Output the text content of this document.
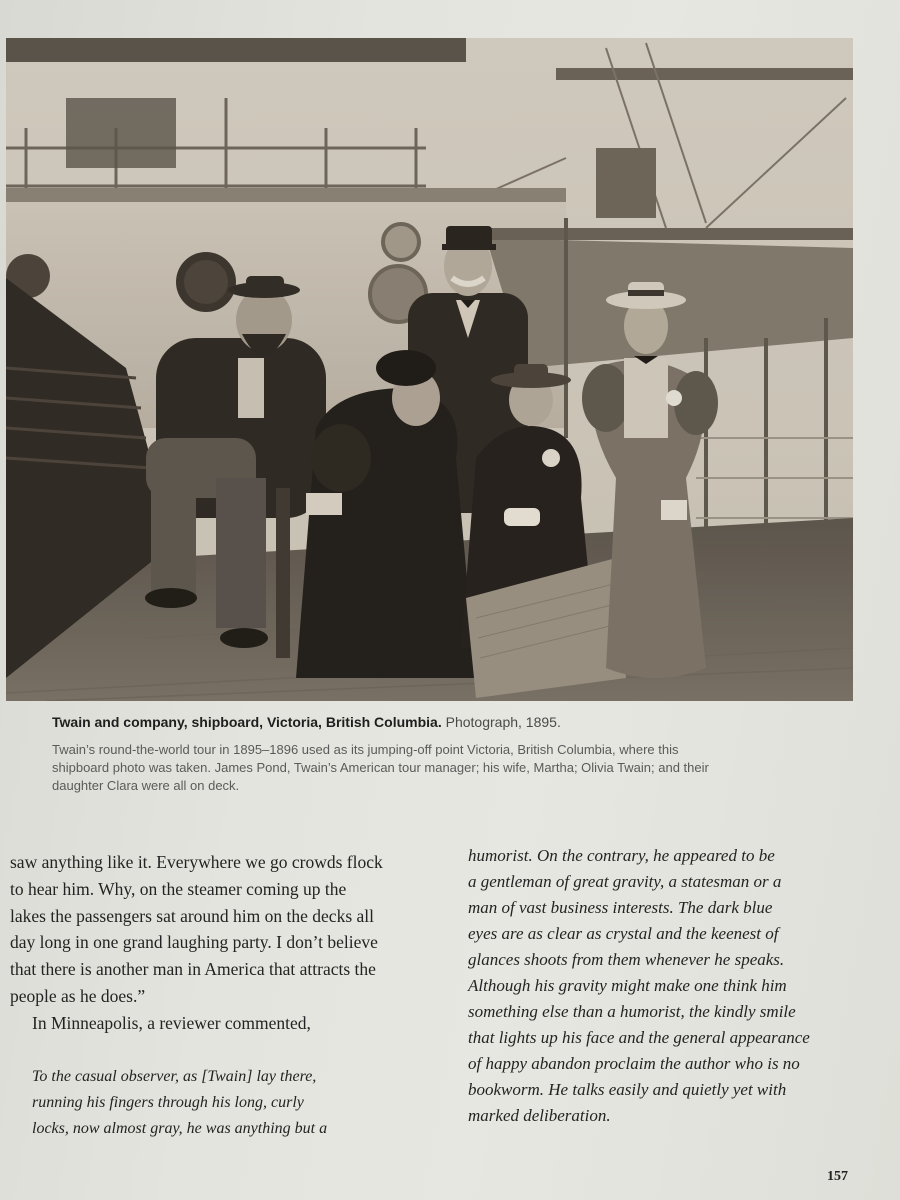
Twain and company, shipboard, Victoria, British Columbia. Photograph, 1895.
Twain’s round-the-world tour in 1895–1896 used as its jumping-off point Victoria, British Columbia, where this
shipboard photo was taken. James Pond, Twain’s American tour manager; his wife, Martha; Olivia Twain; and their
daughter Clara were all on deck.
saw anything like it. Everywhere we go crowds flock
to hear him. Why, on the steamer coming up the
lakes the passengers sat around him on the decks all
day long in one grand laughing party. I don’t believe
that there is another man in America that attracts the
people as he does.”
In Minneapolis, a reviewer commented,
To the casual observer, as [Twain] lay there,
running his fingers through his long, curly
locks, now almost gray, he was anything but a
humorist. On the contrary, he appeared to be
a gentleman of great gravity, a statesman or a
man of vast business interests. The dark blue
eyes are as clear as crystal and the keenest of
glances shoots from them whenever he speaks.
Although his gravity might make one think him
something else than a humorist, the kindly smile
that lights up his face and the general appearance
of happy abandon proclaim the author who is no
bookworm. He talks easily and quietly yet with
marked deliberation.
157
